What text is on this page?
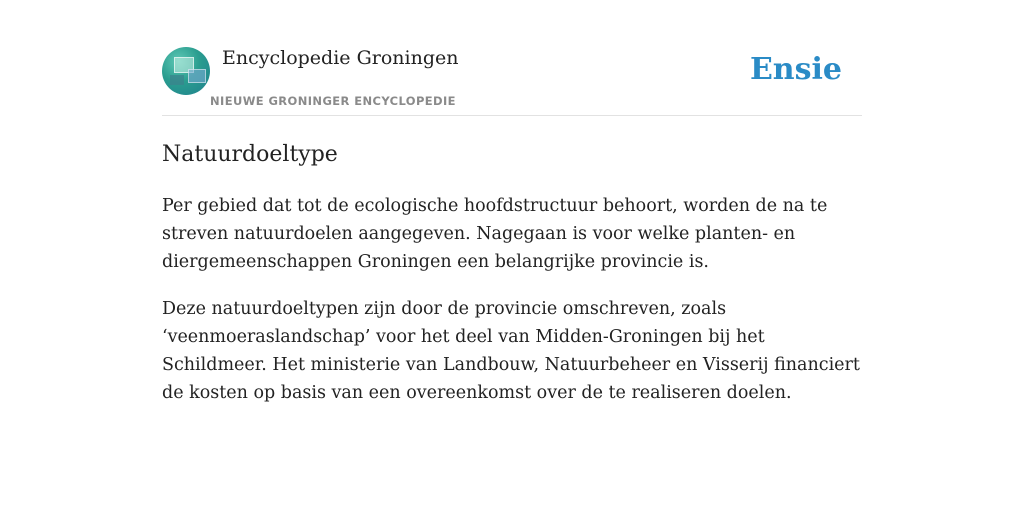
Encyclopedie Groningen
NIEUWE GRONINGER ENCYCLOPEDIE
Ensie
Natuurdoeltype

Per gebied dat tot de ecologische hoofdstructuur behoort, worden de na te streven natuurdoelen aangegeven. Nagegaan is voor welke planten- en diergemeenschappen Groningen een belangrijke provincie is.

Deze natuurdoeltypen zijn door de provincie omschreven, zoals ‘veenmoeraslandschap’ voor het deel van Midden-Groningen bij het Schildmeer. Het ministerie van Landbouw, Natuurbeheer en Visserij financiert de kosten op basis van een overeenkomst over de te realiseren doelen.
